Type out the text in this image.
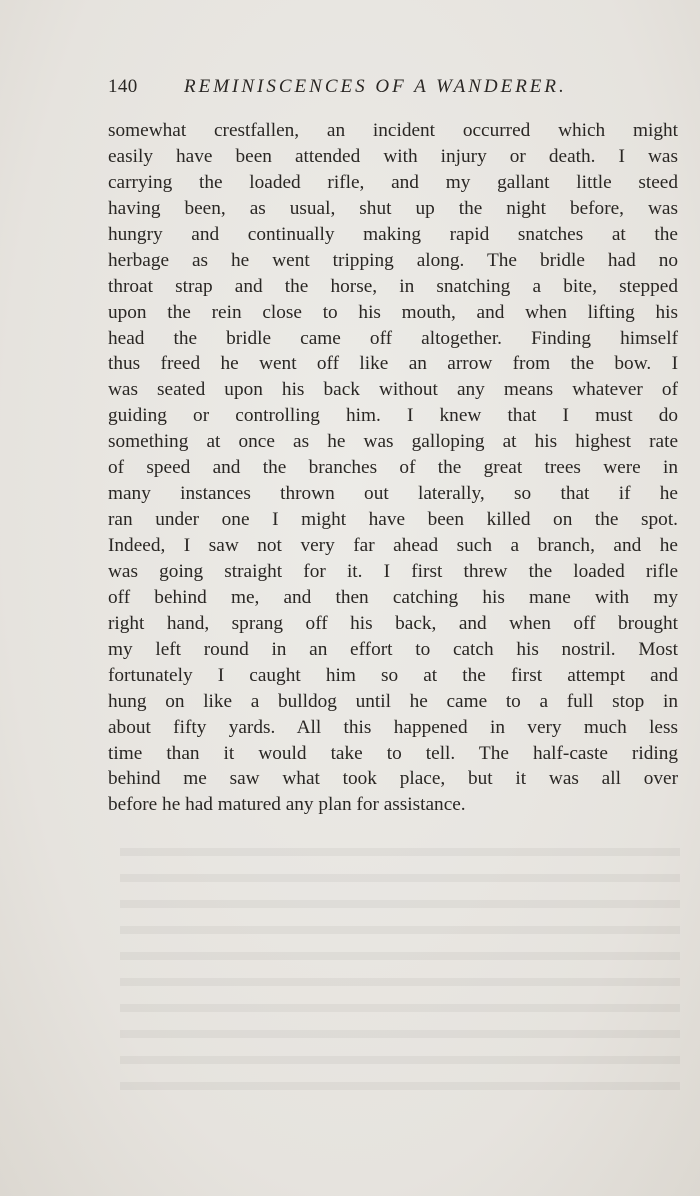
140 REMINISCENCES OF A WANDERER.
somewhat crestfallen, an incident occurred which might
easily have been attended with injury or death. I was
carrying the loaded rifle, and my gallant little steed
having been, as usual, shut up the night before, was
hungry and continually making rapid snatches at the
herbage as he went tripping along. The bridle had no
throat strap and the horse, in snatching a bite, stepped
upon the rein close to his mouth, and when lifting his
head the bridle came off altogether. Finding himself
thus freed he went off like an arrow from the bow. I
was seated upon his back without any means whatever of
guiding or controlling him. I knew that I must do
something at once as he was galloping at his highest rate
of speed and the branches of the great trees were in
many instances thrown out laterally, so that if he
ran under one I might have been killed on the spot.
Indeed, I saw not very far ahead such a branch, and he
was going straight for it. I first threw the loaded rifle
off behind me, and then catching his mane with my
right hand, sprang off his back, and when off brought
my left round in an effort to catch his nostril. Most
fortunately I caught him so at the first attempt and
hung on like a bulldog until he came to a full stop in
about fifty yards. All this happened in very much less
time than it would take to tell. The half-caste riding
behind me saw what took place, but it was all over
before he had matured any plan for assistance.
